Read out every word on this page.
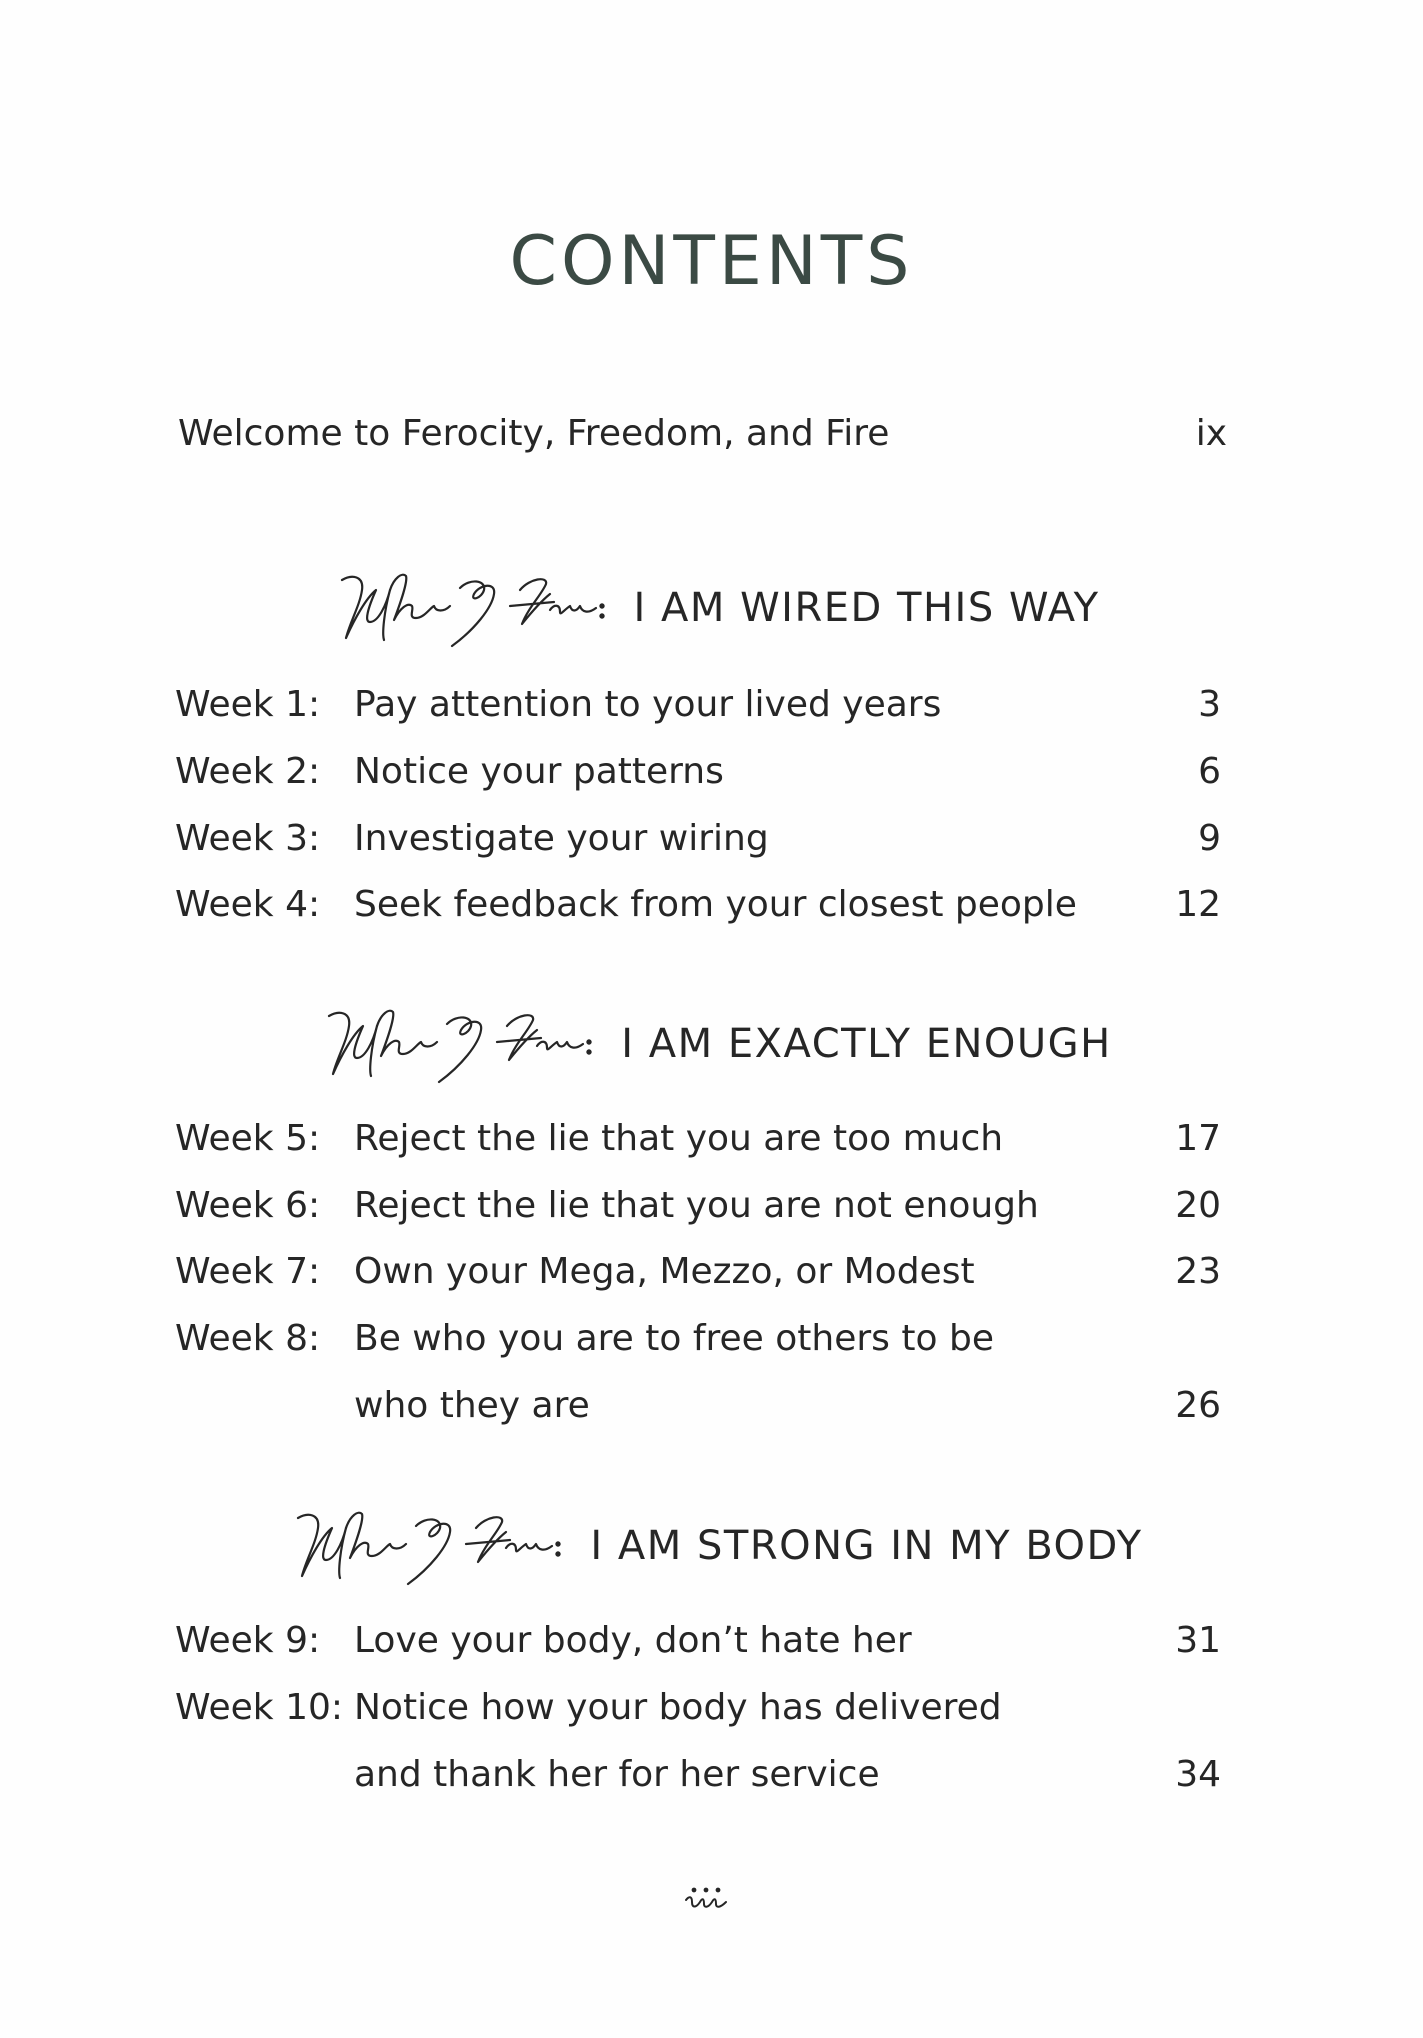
CONTENTS
Welcome to Ferocity, Freedom, and Fire	ix
I AM WIRED THIS WAY
Week 1: Pay attention to your lived years	3
Week 2: Notice your patterns	6
Week 3: Investigate your wiring	9
Week 4: Seek feedback from your closest people	12
I AM EXACTLY ENOUGH
Week 5: Reject the lie that you are too much	17
Week 6: Reject the lie that you are not enough	20
Week 7: Own your Mega, Mezzo, or Modest	23
Week 8: Be who you are to free others to be
who they are	26
I AM STRONG IN MY BODY
Week 9: Love your body, don’t hate her	31
Week 10: Notice how your body has delivered
and thank her for her service	34
